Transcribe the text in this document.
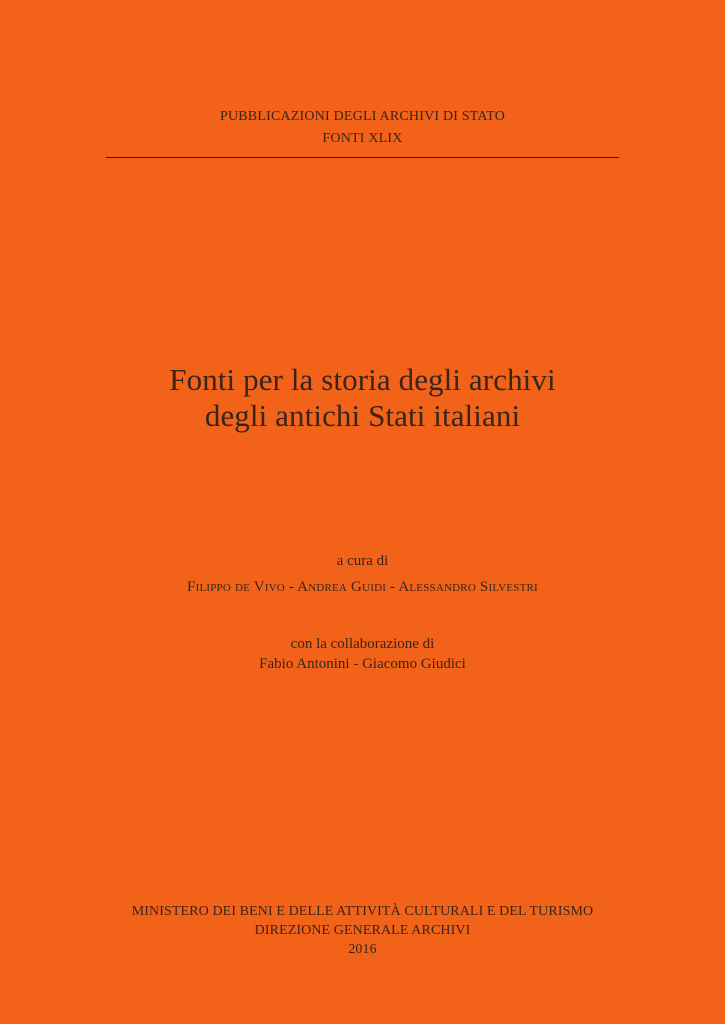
PUBBLICAZIONI DEGLI ARCHIVI DI STATO
FONTI XLIX
Fonti per la storia degli archivi
degli antichi Stati italiani
a cura di
Filippo de Vivo - Andrea Guidi - Alessandro Silvestri
con la collaborazione di
Fabio Antonini - Giacomo Giudici
MINISTERO DEI BENI E DELLE ATTIVITÀ CULTURALI E DEL TURISMO
DIREZIONE GENERALE ARCHIVI
2016
